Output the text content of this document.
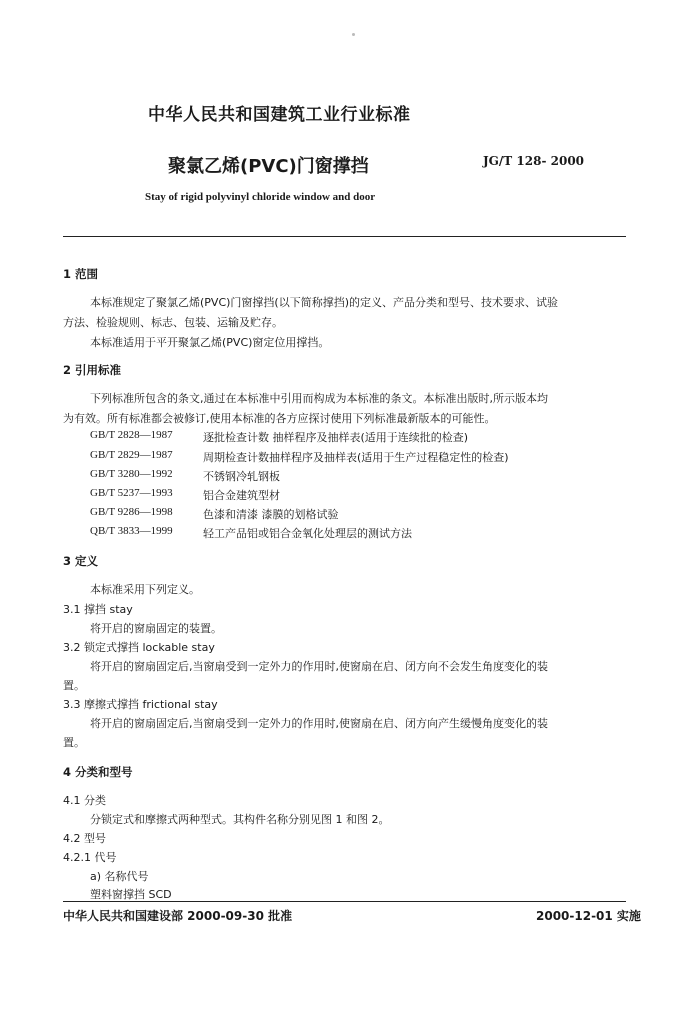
中华人民共和国建筑工业行业标准
聚氯乙烯(PVC)门窗撑挡	JG/T 128- 2000
Stay of rigid polyvinyl chloride window and door
1 范围
本标准规定了聚氯乙烯(PVC)门窗撑挡(以下简称撑挡)的定义、产品分类和型号、技术要求、试验
方法、检验规则、标志、包装、运输及贮存。
本标准适用于平开聚氯乙烯(PVC)窗定位用撑挡。
2 引用标准
下列标准所包含的条文,通过在本标准中引用而构成为本标准的条文。本标准出版时,所示版本均
为有效。所有标准都会被修订,使用本标准的各方应探讨使用下列标准最新版本的可能性。
GB/T 2828—1987	逐批检查计数 抽样程序及抽样表(适用于连续批的检查)
GB/T 2829—1987	周期检查计数抽样程序及抽样表(适用于生产过程稳定性的检查)
GB/T 3280—1992	不锈钢冷轧钢板
GB/T 5237—1993	铝合金建筑型材
GB/T 9286—1998	色漆和清漆 漆膜的划格试验
QB/T 3833—1999	轻工产品铝或铝合金氧化处理层的测试方法
3 定义
本标准采用下列定义。
3.1 撑挡 stay
将开启的窗扇固定的装置。
3.2 锁定式撑挡 lockable stay
将开启的窗扇固定后,当窗扇受到一定外力的作用时,使窗扇在启、闭方向不会发生角度变化的装
置。
3.3 摩擦式撑挡 frictional stay
将开启的窗扇固定后,当窗扇受到一定外力的作用时,使窗扇在启、闭方向产生缓慢角度变化的装
置。
4 分类和型号
4.1 分类
分锁定式和摩擦式两种型式。其构件名称分别见图 1 和图 2。
4.2 型号
4.2.1 代号
a) 名称代号
塑料窗撑挡 SCD
中华人民共和国建设部 2000-09-30 批准	2000-12-01 实施
